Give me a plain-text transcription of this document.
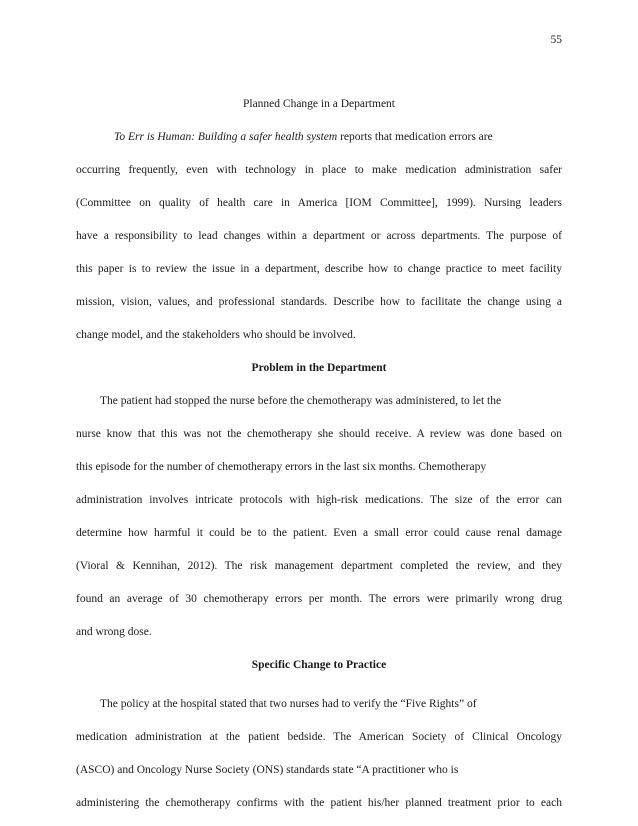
55
Planned Change in a Department
To Err is Human: Building a safer health system reports that medication errors are
occurring frequently, even with technology in place to make medication administration safer
(Committee on quality of health care in America [IOM Committee], 1999). Nursing leaders
have a responsibility to lead changes within a department or across departments. The purpose of
this paper is to review the issue in a department, describe how to change practice to meet facility
mission, vision, values, and professional standards. Describe how to facilitate the change using a
change model, and the stakeholders who should be involved.
Problem in the Department
The patient had stopped the nurse before the chemotherapy was administered, to let the
nurse know that this was not the chemotherapy she should receive. A review was done based on
this episode for the number of chemotherapy errors in the last six months. Chemotherapy
administration involves intricate protocols with high-risk medications. The size of the error can
determine how harmful it could be to the patient. Even a small error could cause renal damage
(Vioral & Kennihan, 2012). The risk management department completed the review, and they
found an average of 30 chemotherapy errors per month. The errors were primarily wrong drug
and wrong dose.
Specific Change to Practice
The policy at the hospital stated that two nurses had to verify the “Five Rights” of
medication administration at the patient bedside. The American Society of Clinical Oncology
(ASCO) and Oncology Nurse Society (ONS) standards state “A practitioner who is
administering the chemotherapy confirms with the patient his/her planned treatment prior to each
